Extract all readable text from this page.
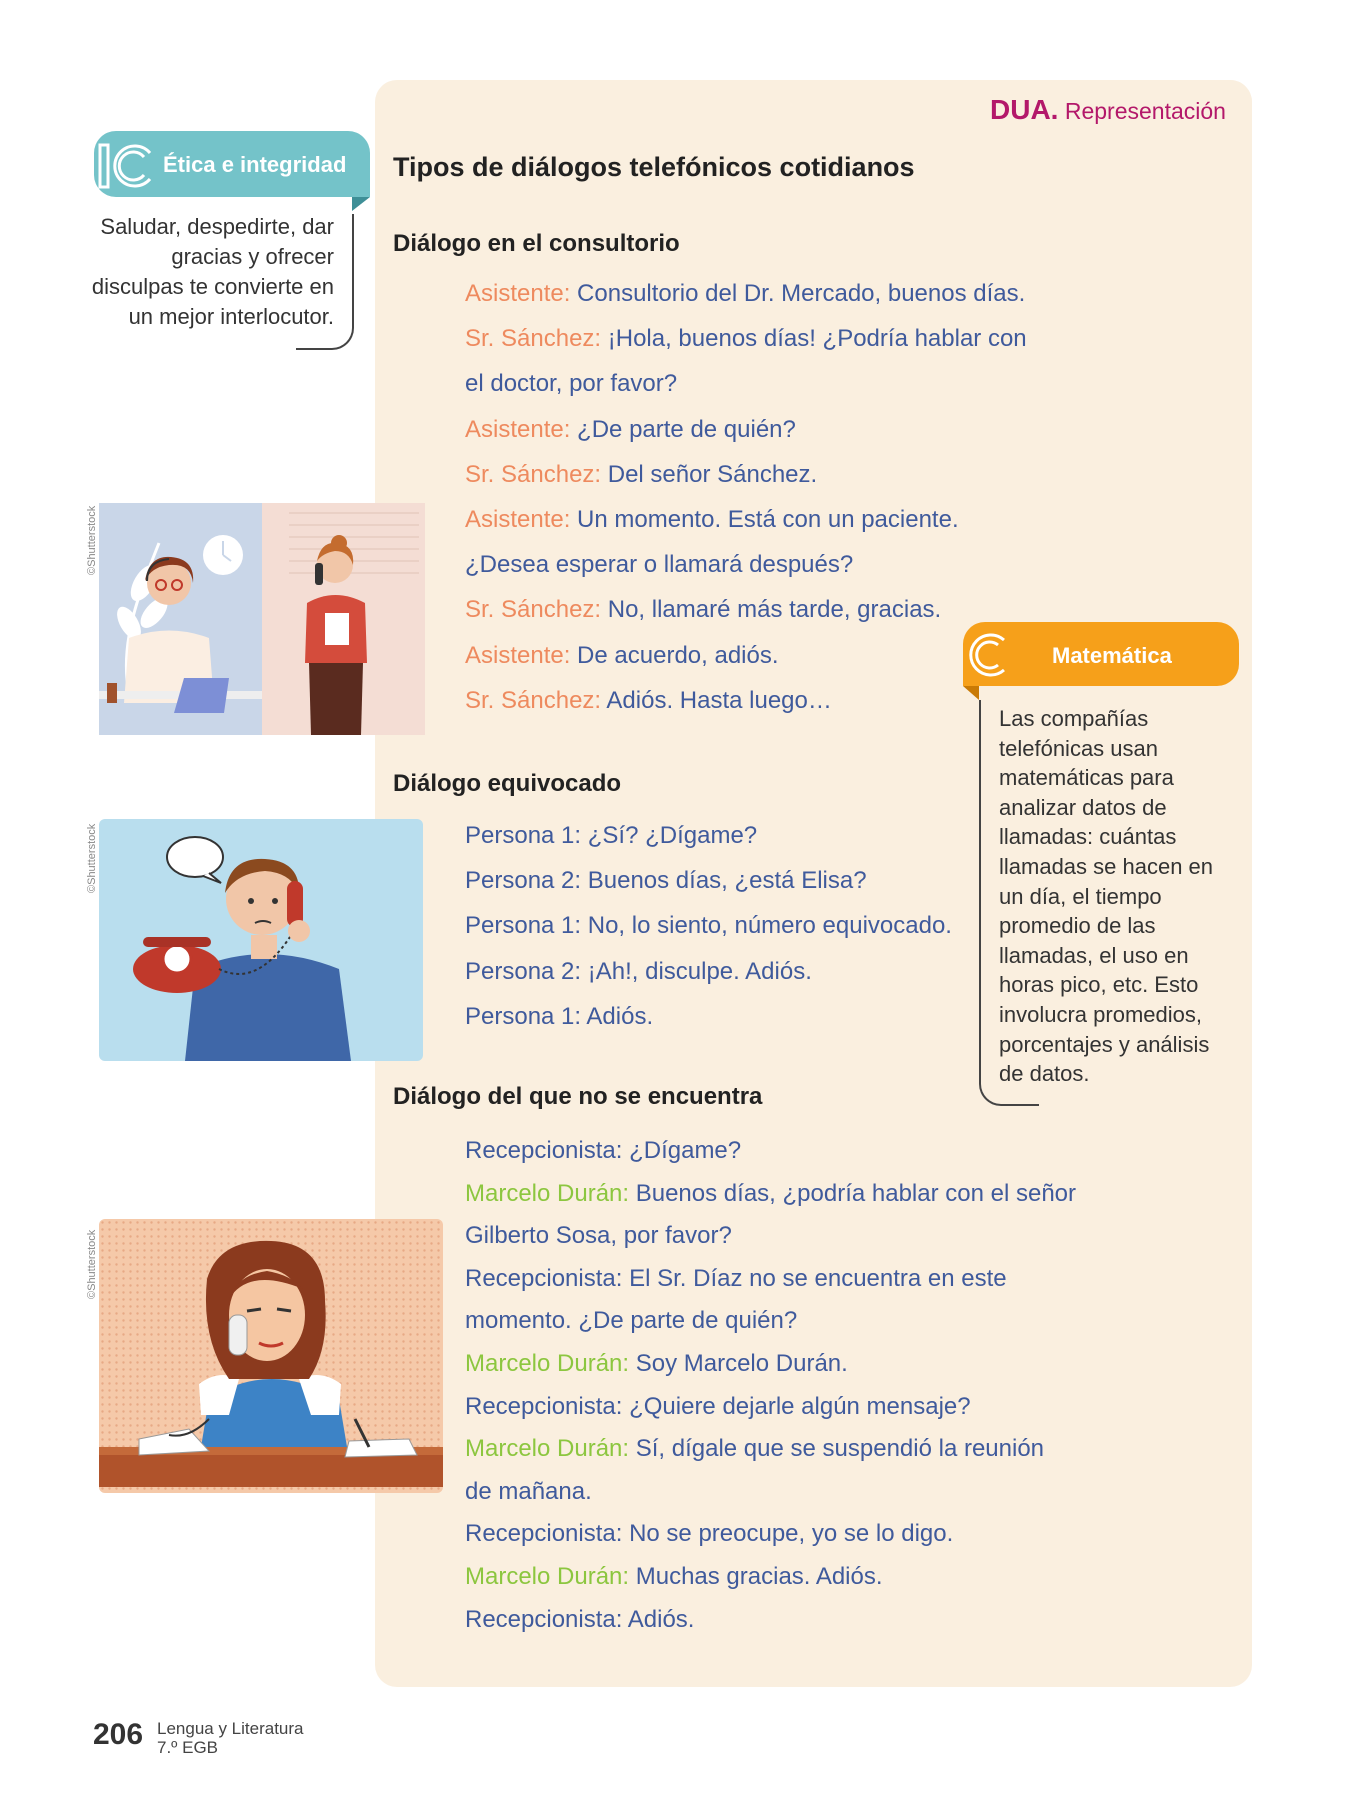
DUA. Representación
Tipos de diálogos telefónicos cotidianos
Ética e integridad
Saludar, despedirte, dar gracias y ofrecer disculpas te convierte en un mejor interlocutor.
Matemática
Las compañías telefónicas usan matemáticas para analizar datos de llamadas: cuántas llamadas se hacen en un día, el tiempo promedio de las llamadas, el uso en horas pico, etc. Esto involucra promedios, porcentajes y análisis de datos.
Diálogo en el consultorio
Asistente: Consultorio del Dr. Mercado, buenos días.
Sr. Sánchez: ¡Hola, buenos días! ¿Podría hablar con
el doctor, por favor?
Asistente: ¿De parte de quién?
Sr. Sánchez: Del señor Sánchez.
Asistente: Un momento. Está con un paciente.
¿Desea esperar o llamará después?
Sr. Sánchez: No, llamaré más tarde, gracias.
Asistente: De acuerdo, adiós.
Sr. Sánchez: Adiós. Hasta luego…
Diálogo equivocado
Persona 1: ¿Sí? ¿Dígame?
Persona 2: Buenos días, ¿está Elisa?
Persona 1: No, lo siento, número equivocado.
Persona 2: ¡Ah!, disculpe. Adiós.
Persona 1: Adiós.
Diálogo del que no se encuentra
Recepcionista: ¿Dígame?
Marcelo Durán: Buenos días, ¿podría hablar con el señor
Gilberto Sosa, por favor?
Recepcionista: El Sr. Díaz no se encuentra en este
momento. ¿De parte de quién?
Marcelo Durán: Soy Marcelo Durán.
Recepcionista: ¿Quiere dejarle algún mensaje?
Marcelo Durán: Sí, dígale que se suspendió la reunión
de mañana.
Recepcionista: No se preocupe, yo se lo digo.
Marcelo Durán: Muchas gracias. Adiós.
Recepcionista: Adiós.
©Shutterstock
©Shutterstock
©Shutterstock
206 Lengua y Literatura
7.º EGB
